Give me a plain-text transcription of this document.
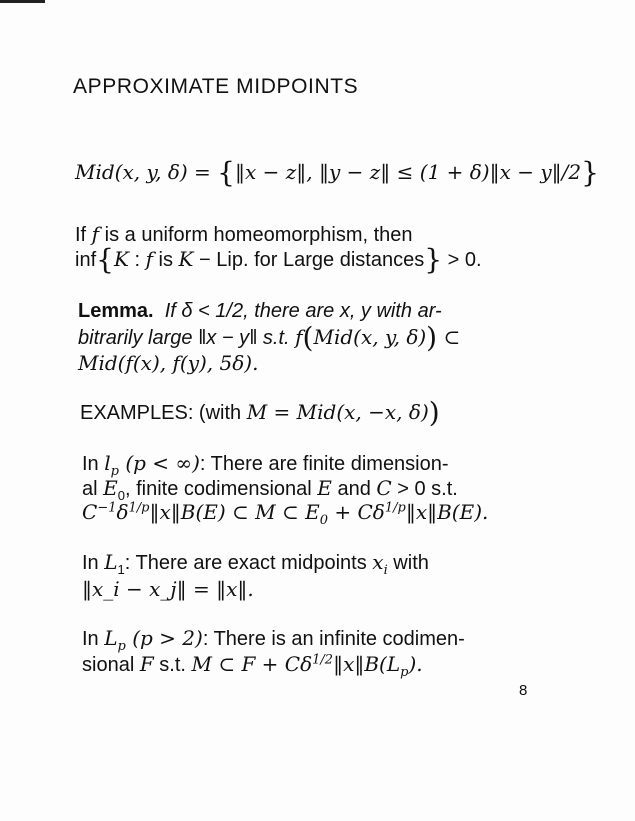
APPROXIMATE MIDPOINTS
Mid(x, y, δ) = {‖x − z‖, ‖y − z‖ ≤ (1 + δ)‖x − y‖/2}
If f is a uniform homeomorphism, then
inf{K : f is K − Lip. for Large distances} > 0.
Lemma. If δ < 1/2, there are x, y with ar-
bitrarily large ‖x − y‖ s.t. f(Mid(x, y, δ)) ⊂
Mid(f(x), f(y), 5δ).
EXAMPLES: (with M = Mid(x, −x, δ))
In $l_p$ (p < ∞): There are finite dimension-
al $E_0$, finite codimensional E and C > 0 s.t.
$C^{-1}\delta^{1/p}‖x‖B(E)$ ⊂ M ⊂ $E_0$ + $C\delta^{1/p}‖x‖B(E)$.
In $L_1$: There are exact midpoints $x_i$ with
‖x_i − x_j‖ = ‖x‖.
In $L_p$ (p > 2): There is an infinite codimen-
sional F s.t. M ⊂ $F + C\delta^{1/2}‖x‖B(L_p)$.
8
